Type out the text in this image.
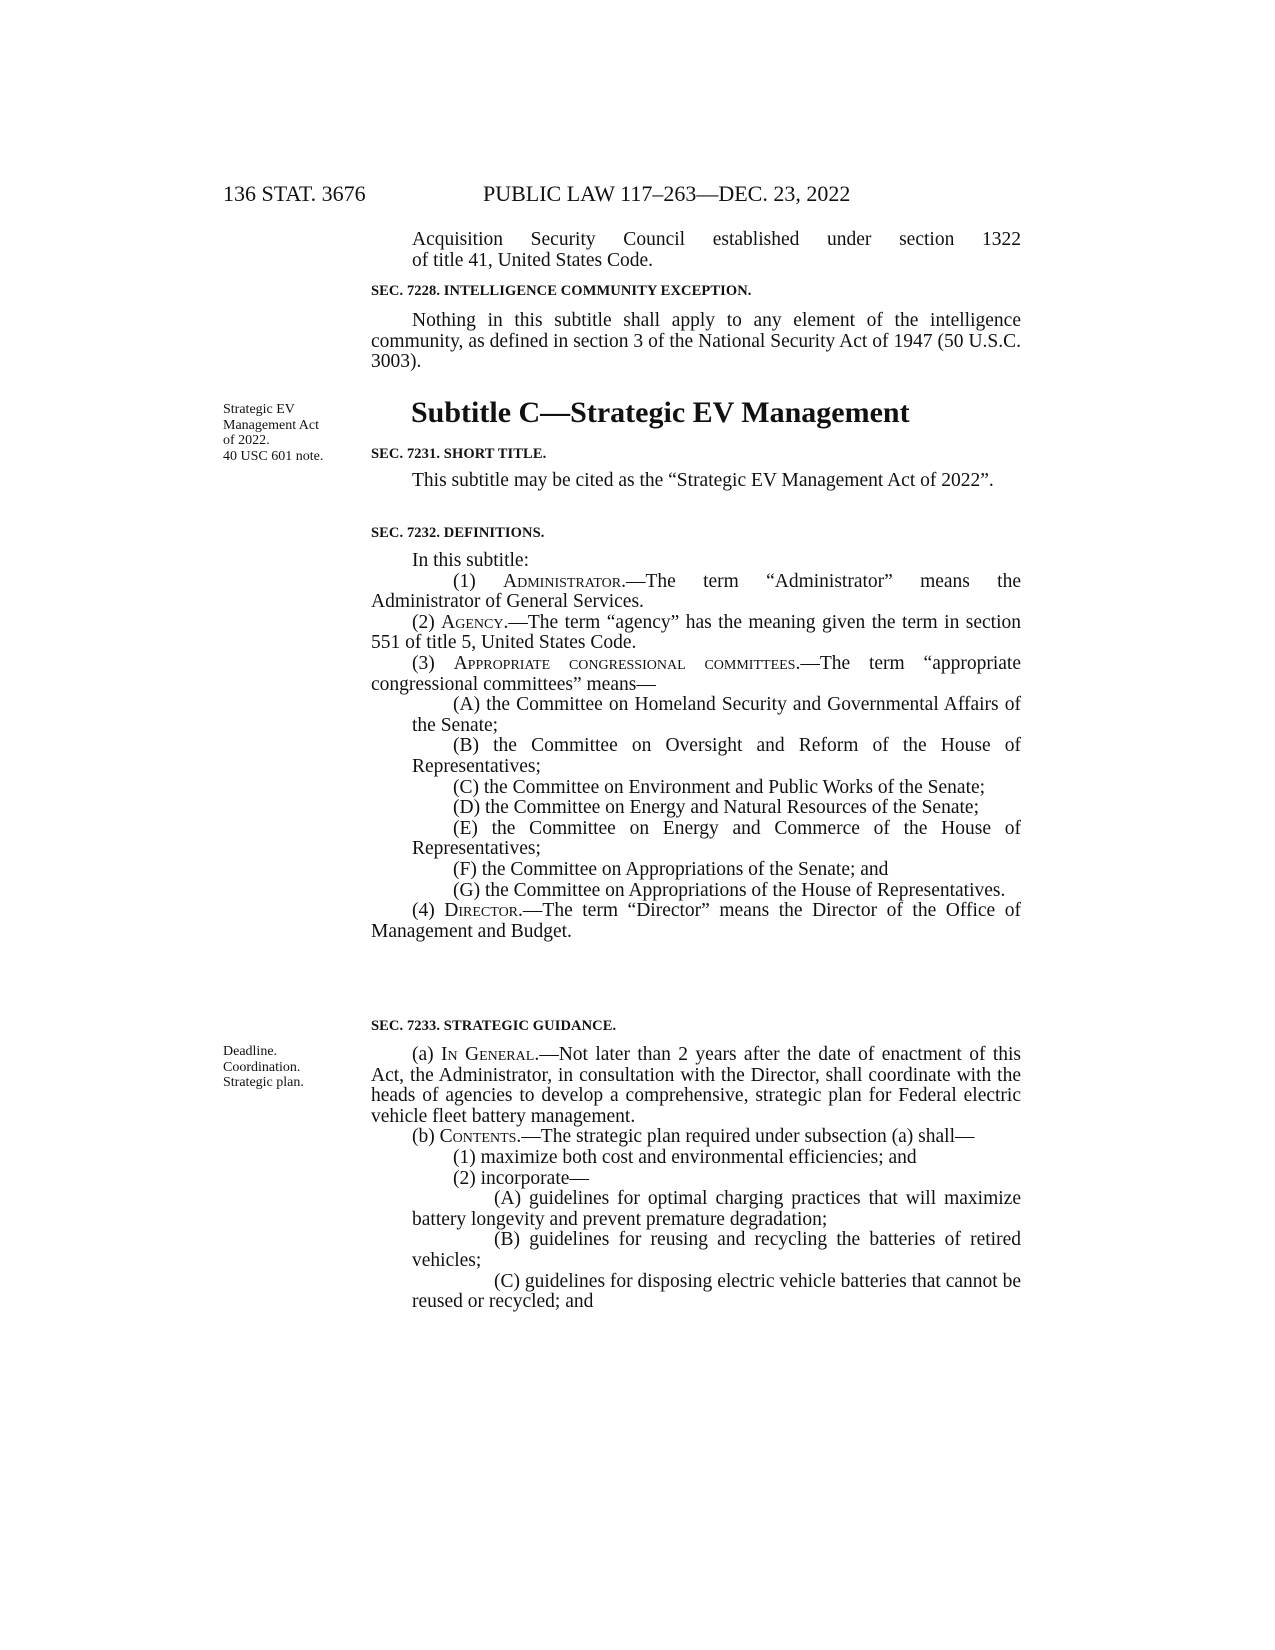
136 STAT. 3676	PUBLIC LAW 117–263—DEC. 23, 2022

Acquisition Security Council established under section 1322

of title 41, United States Code.

SEC. 7228. INTELLIGENCE COMMUNITY EXCEPTION.

Nothing in this subtitle shall apply to any element of the intelligence community, as defined in section 3 of the National Security Act of 1947 (50 U.S.C. 3003).

Strategic EV
Management Act
of 2022.
40 USC 601 note.
Subtitle C—Strategic EV Management

SEC. 7231. SHORT TITLE.

This subtitle may be cited as the “Strategic EV Management Act of 2022”.

SEC. 7232. DEFINITIONS.

In this subtitle:

(1) Administrator.—The term “Administrator” means the Administrator of General Services.

(2) Agency.—The term “agency” has the meaning given the term in section 551 of title 5, United States Code.

(3) Appropriate congressional committees.—The term “appropriate congressional committees” means—

(A) the Committee on Homeland Security and Governmental Affairs of the Senate;

(B) the Committee on Oversight and Reform of the House of Representatives;

(C) the Committee on Environment and Public Works of the Senate;

(D) the Committee on Energy and Natural Resources of the Senate;

(E) the Committee on Energy and Commerce of the House of Representatives;

(F) the Committee on Appropriations of the Senate; and

(G) the Committee on Appropriations of the House of Representatives.

(4) Director.—The term “Director” means the Director of the Office of Management and Budget.

Deadline.
Coordination.
Strategic plan.

SEC. 7233. STRATEGIC GUIDANCE.

(a) In General.—Not later than 2 years after the date of enactment of this Act, the Administrator, in consultation with the Director, shall coordinate with the heads of agencies to develop a comprehensive, strategic plan for Federal electric vehicle fleet battery management.

(b) Contents.—The strategic plan required under subsection (a) shall—

(1) maximize both cost and environmental efficiencies; and

(2) incorporate—

(A) guidelines for optimal charging practices that will maximize battery longevity and prevent premature degradation;

(B) guidelines for reusing and recycling the batteries of retired vehicles;

(C) guidelines for disposing electric vehicle batteries that cannot be reused or recycled; and
